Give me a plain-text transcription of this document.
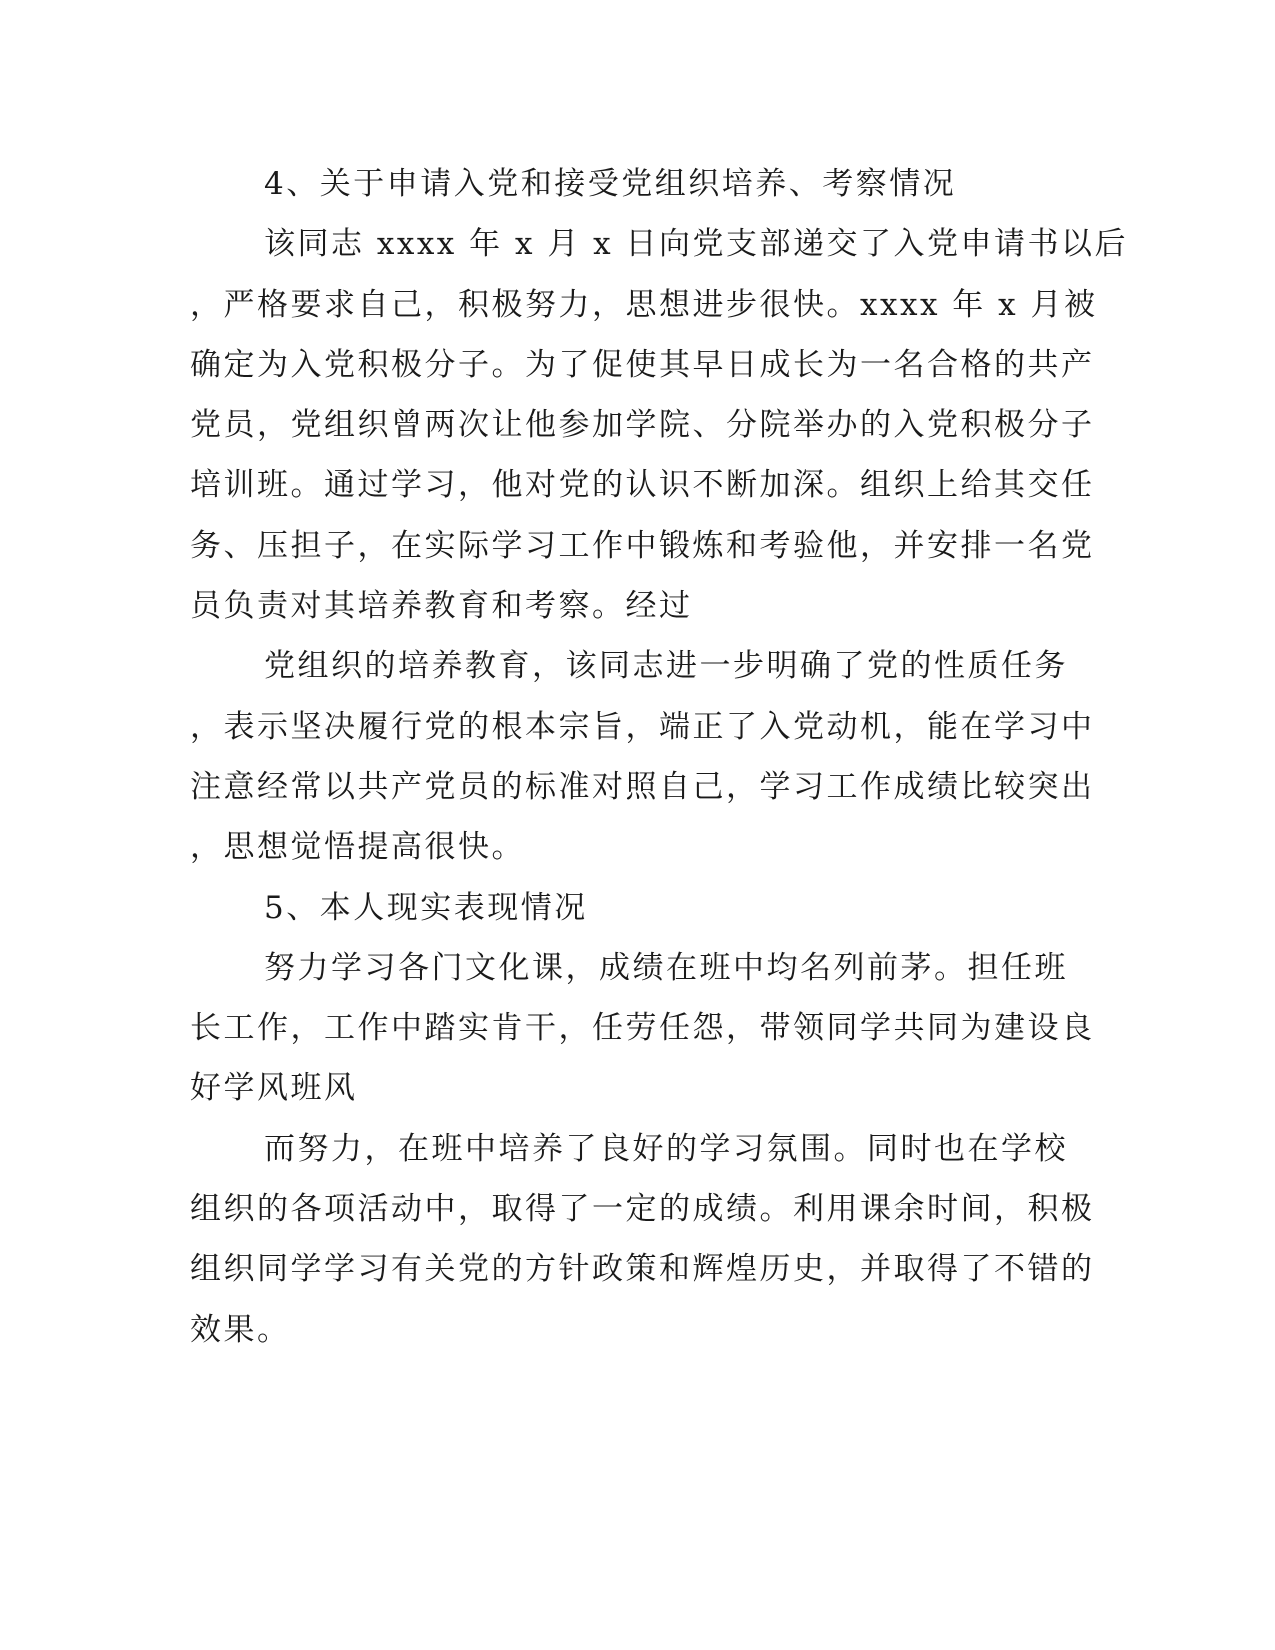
4、关于申请入党和接受党组织培养、考察情况
该同志 xxxx 年 x 月 x 日向党支部递交了入党申请书以后
，严格要求自己，积极努力，思想进步很快。xxxx 年 x 月被
确定为入党积极分子。为了促使其早日成长为一名合格的共产
党员，党组织曾两次让他参加学院、分院举办的入党积极分子
培训班。通过学习，他对党的认识不断加深。组织上给其交任
务、压担子，在实际学习工作中锻炼和考验他，并安排一名党
员负责对其培养教育和考察。经过
党组织的培养教育，该同志进一步明确了党的性质任务
，表示坚决履行党的根本宗旨，端正了入党动机，能在学习中
注意经常以共产党员的标准对照自己，学习工作成绩比较突出
，思想觉悟提高很快。
5、本人现实表现情况
努力学习各门文化课，成绩在班中均名列前茅。担任班
长工作，工作中踏实肯干，任劳任怨，带领同学共同为建设良
好学风班风
而努力，在班中培养了良好的学习氛围。同时也在学校
组织的各项活动中，取得了一定的成绩。利用课余时间，积极
组织同学学习有关党的方针政策和辉煌历史，并取得了不错的
效果。
